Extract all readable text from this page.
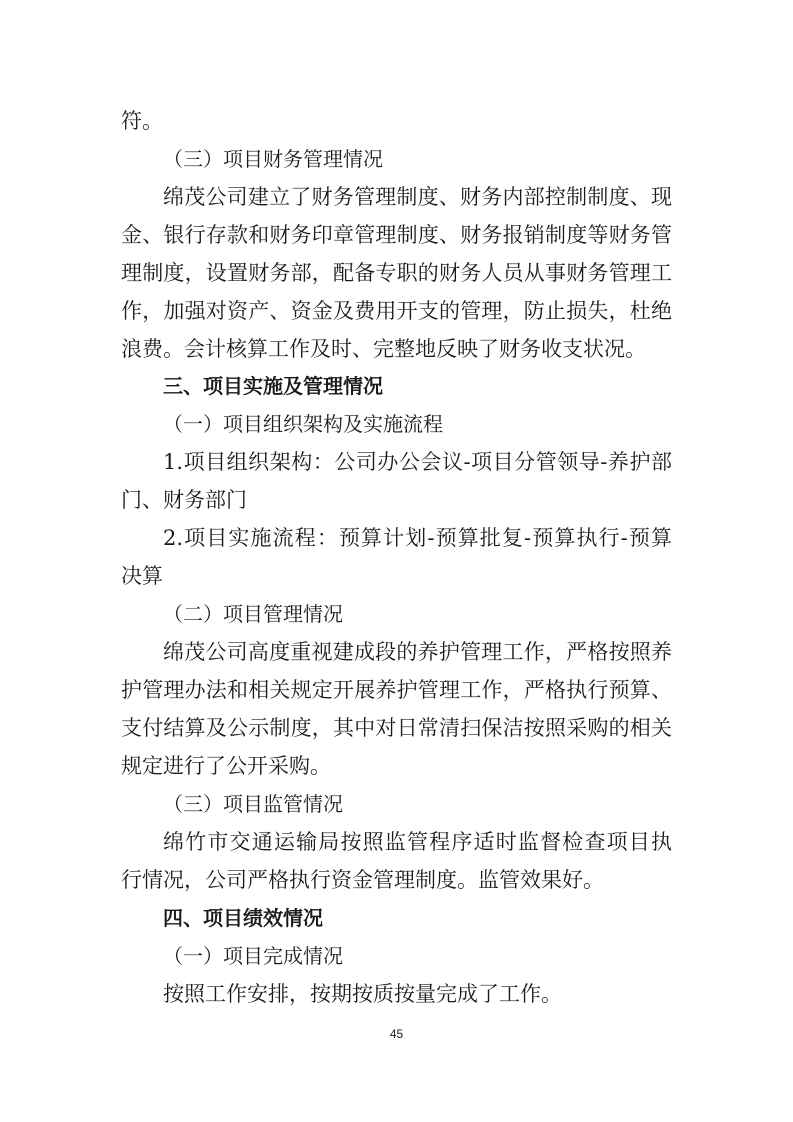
符。
（三）项目财务管理情况
绵茂公司建立了财务管理制度、财务内部控制制度、现
金、银行存款和财务印章管理制度、财务报销制度等财务管
理制度，设置财务部，配备专职的财务人员从事财务管理工
作，加强对资产、资金及费用开支的管理，防止损失，杜绝
浪费。会计核算工作及时、完整地反映了财务收支状况。
三、项目实施及管理情况
（一）项目组织架构及实施流程
1.项目组织架构：公司办公会议-项目分管领导-养护部
门、财务部门
2.项目实施流程：预算计划-预算批复-预算执行-预算
决算
（二）项目管理情况
绵茂公司高度重视建成段的养护管理工作，严格按照养
护管理办法和相关规定开展养护管理工作，严格执行预算、
支付结算及公示制度，其中对日常清扫保洁按照采购的相关
规定进行了公开采购。
（三）项目监管情况
绵竹市交通运输局按照监管程序适时监督检查项目执
行情况，公司严格执行资金管理制度。监管效果好。
四、项目绩效情况
（一）项目完成情况
按照工作安排，按期按质按量完成了工作。
45
